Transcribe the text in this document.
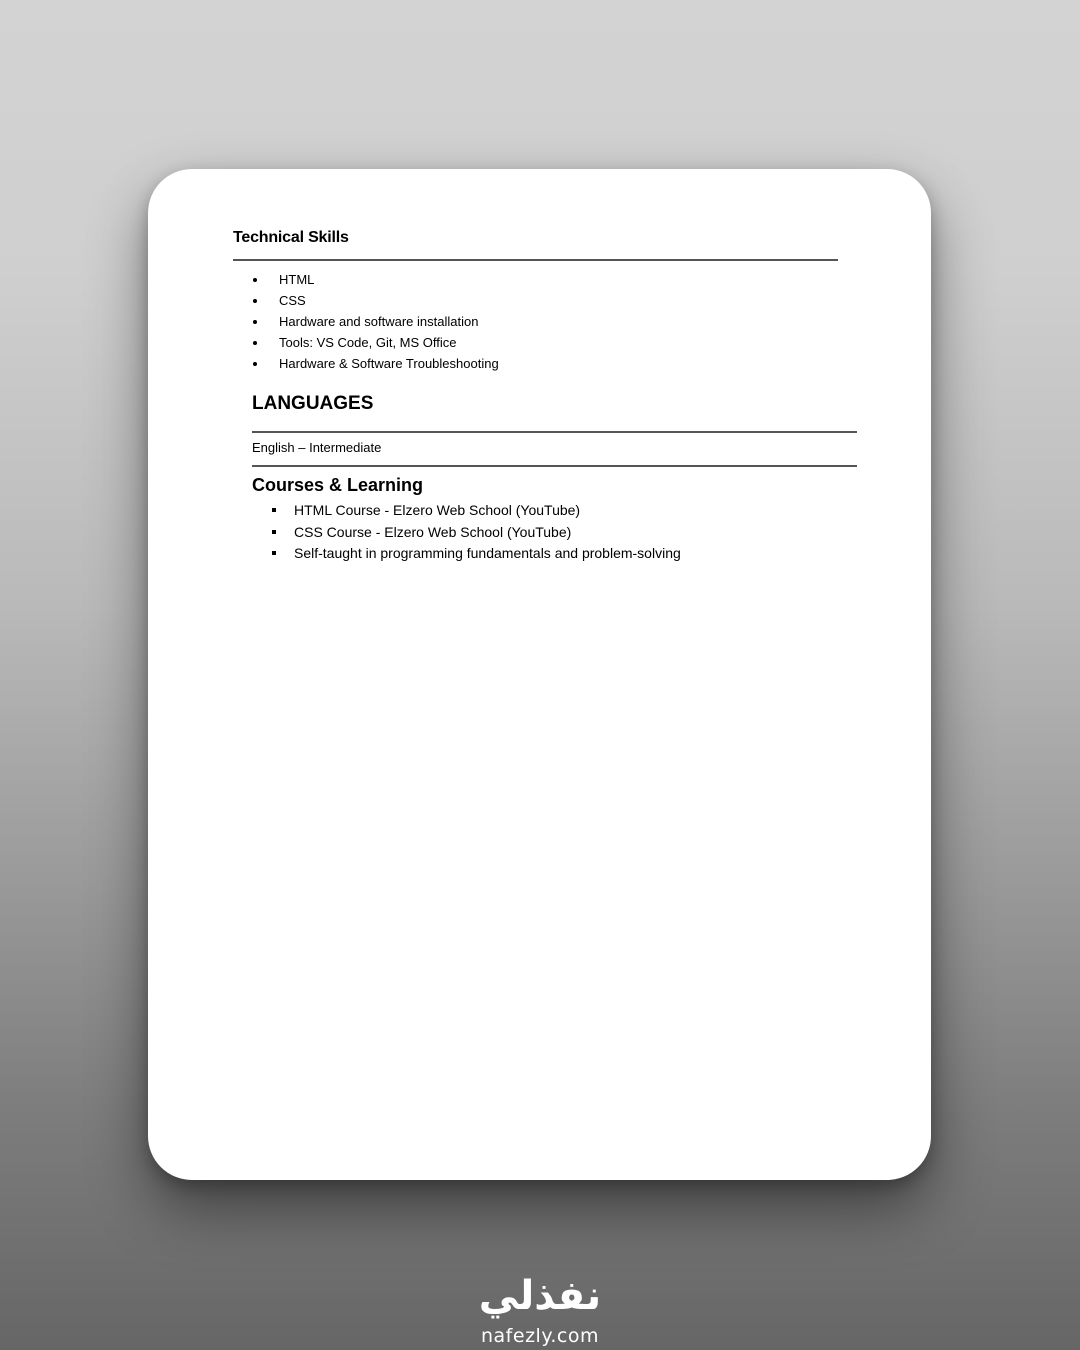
Technical Skills
HTML
CSS
Hardware and software installation
Tools: VS Code, Git, MS Office
Hardware & Software Troubleshooting
LANGUAGES
English – Intermediate
Courses & Learning
HTML Course - Elzero Web School (YouTube)
CSS Course - Elzero Web School (YouTube)
Self-taught in programming fundamentals and problem-solving
نفذلي
nafezly.com
